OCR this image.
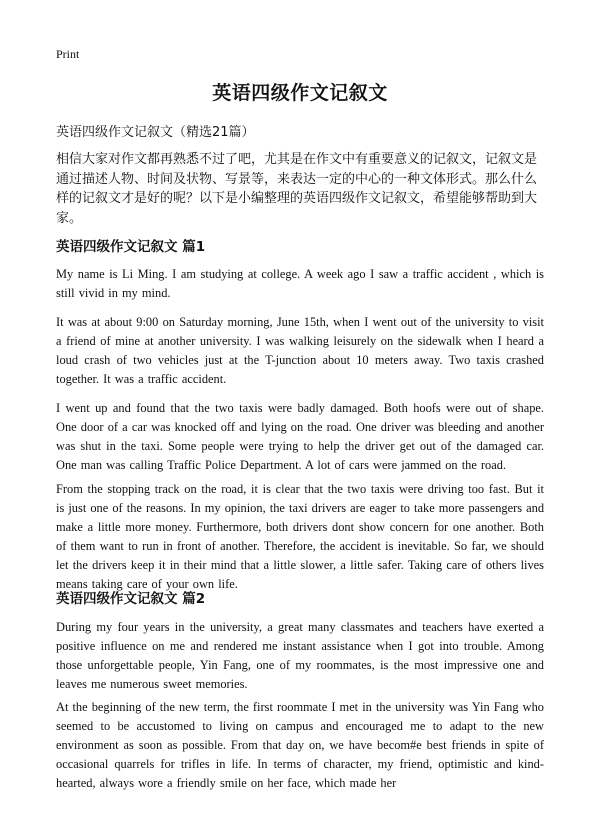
Print
英语四级作文记叙文
英语四级作文记叙文（精选21篇）

相信大家对作文都再熟悉不过了吧，尤其是在作文中有重要意义的记叙文，记叙文是通过描述人物、时间及状物、写景等，来表达一定的中心的一种文体形式。那么什么样的记叙文才是好的呢？以下是小编整理的英语四级作文记叙文，希望能够帮助到大家。

英语四级作文记叙文 篇1

My name is Li Ming. I am studying at college. A week ago I saw a traffic accident , which is still vivid in my mind.

It was at about 9:00 on Saturday morning, June 15th, when I went out of the university to visit a friend of mine at another university. I was walking leisurely on the sidewalk when I heard a loud crash of two vehicles just at the T-junction about 10 meters away. Two taxis crashed together. It was a traffic accident.

I went up and found that the two taxis were badly damaged. Both hoofs were out of shape. One door of a car was knocked off and lying on the road. One driver was bleeding and another was shut in the taxi. Some people were trying to help the driver get out of the damaged car. One man was calling Traffic Police Department. A lot of cars were jammed on the road.

From the stopping track on the road, it is clear that the two taxis were driving too fast. But it is just one of the reasons. In my opinion, the taxi drivers are eager to take more passengers and make a little more money. Furthermore, both drivers dont show concern for one another. Both of them want to run in front of another. Therefore, the accident is inevitable. So far, we should let the drivers keep it in their mind that a little slower, a little safer. Taking care of others lives means taking care of your own life.

英语四级作文记叙文 篇2

During my four years in the university, a great many classmates and teachers have exerted a positive influence on me and rendered me instant assistance when I got into trouble. Among those unforgettable people, Yin Fang, one of my roommates, is the most impressive one and leaves me numerous sweet memories.

At the beginning of the new term, the first roommate I met in the university was Yin Fang who seemed to be accustomed to living on campus and encouraged me to adapt to the new environment as soon as possible. From that day on, we have becom#e best friends in spite of occasional quarrels for trifles in life. In terms of character, my friend, optimistic and kind-hearted, always wore a friendly smile on her face, which made her
